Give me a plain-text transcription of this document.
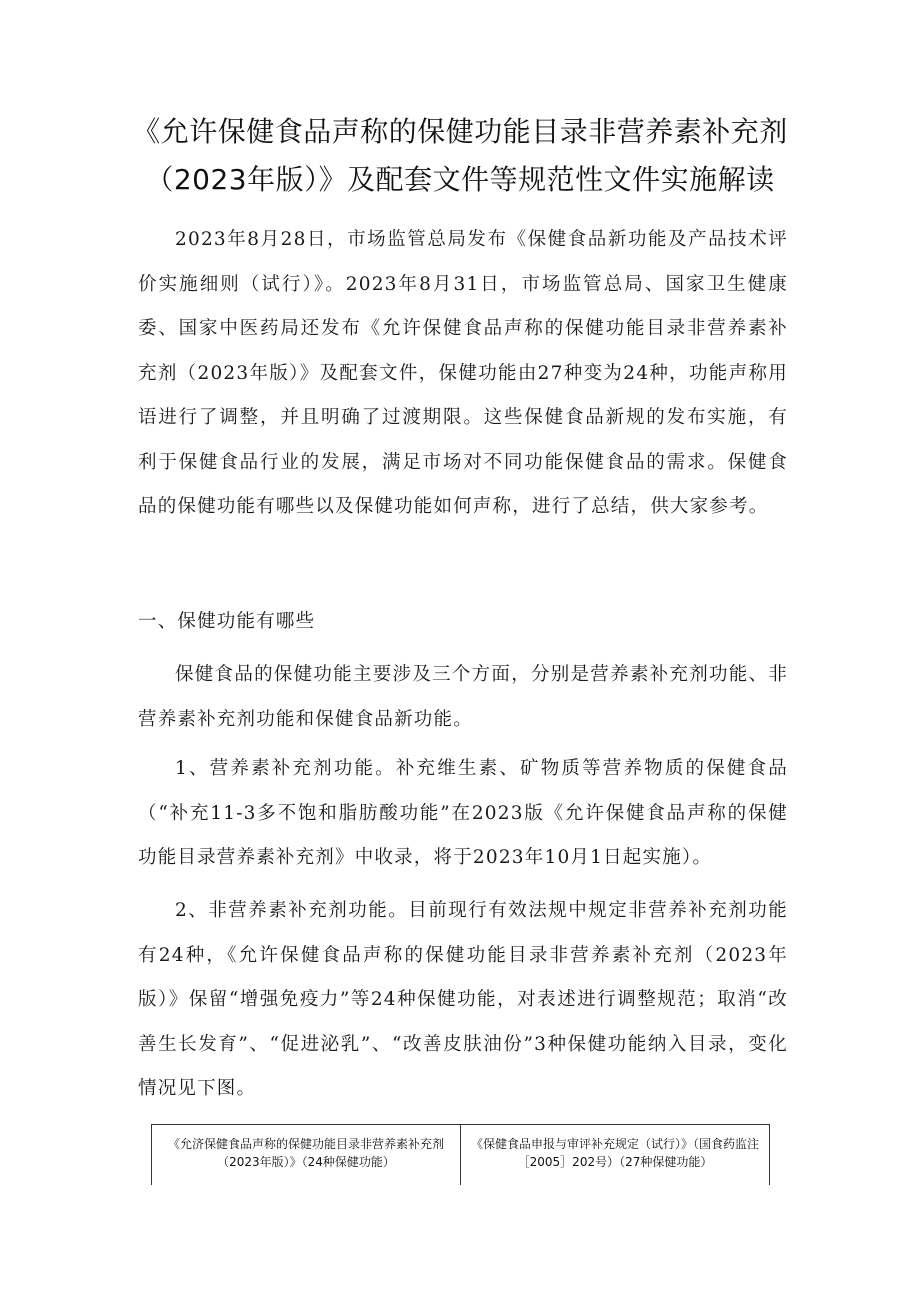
《允许保健食品声称的保健功能目录非营养素补充剂
（2023年版）》及配套文件等规范性文件实施解读

2023年8月28日，市场监管总局发布《保健食品新功能及产品技术评价实施细则（试行）》。2023年8月31日，市场监管总局、国家卫生健康委、国家中医药局还发布《允许保健食品声称的保健功能目录非营养素补充剂（2023年版）》及配套文件，保健功能由27种变为24种，功能声称用语进行了调整，并且明确了过渡期限。这些保健食品新规的发布实施，有利于保健食品行业的发展，满足市场对不同功能保健食品的需求。保健食品的保健功能有哪些以及保健功能如何声称，进行了总结，供大家参考。

一、保健功能有哪些

保健食品的保健功能主要涉及三个方面，分别是营养素补充剂功能、非营养素补充剂功能和保健食品新功能。

1、营养素补充剂功能。补充维生素、矿物质等营养物质的保健食品（“补充11-3多不饱和脂肪酸功能”在2023版《允许保健食品声称的保健功能目录营养素补充剂》中收录，将于2023年10月1日起实施）。

2、非营养素补充剂功能。目前现行有效法规中规定非营养补充剂功能有24种，《允许保健食品声称的保健功能目录非营养素补充剂（2023年版）》保留“增强免疫力”等24种保健功能，对表述进行调整规范；取消“改善生长发育”、“促进泌乳”、“改善皮肤油份”3种保健功能纳入目录，变化情况见下图。

《允济保健食品声称的保健功能目录非营养素补充剂（2023年版）》（24种保健功能）
《保健食品申报与审评补充规定（试行）》（国食药监注［2005］202号）（27种保健功能）
